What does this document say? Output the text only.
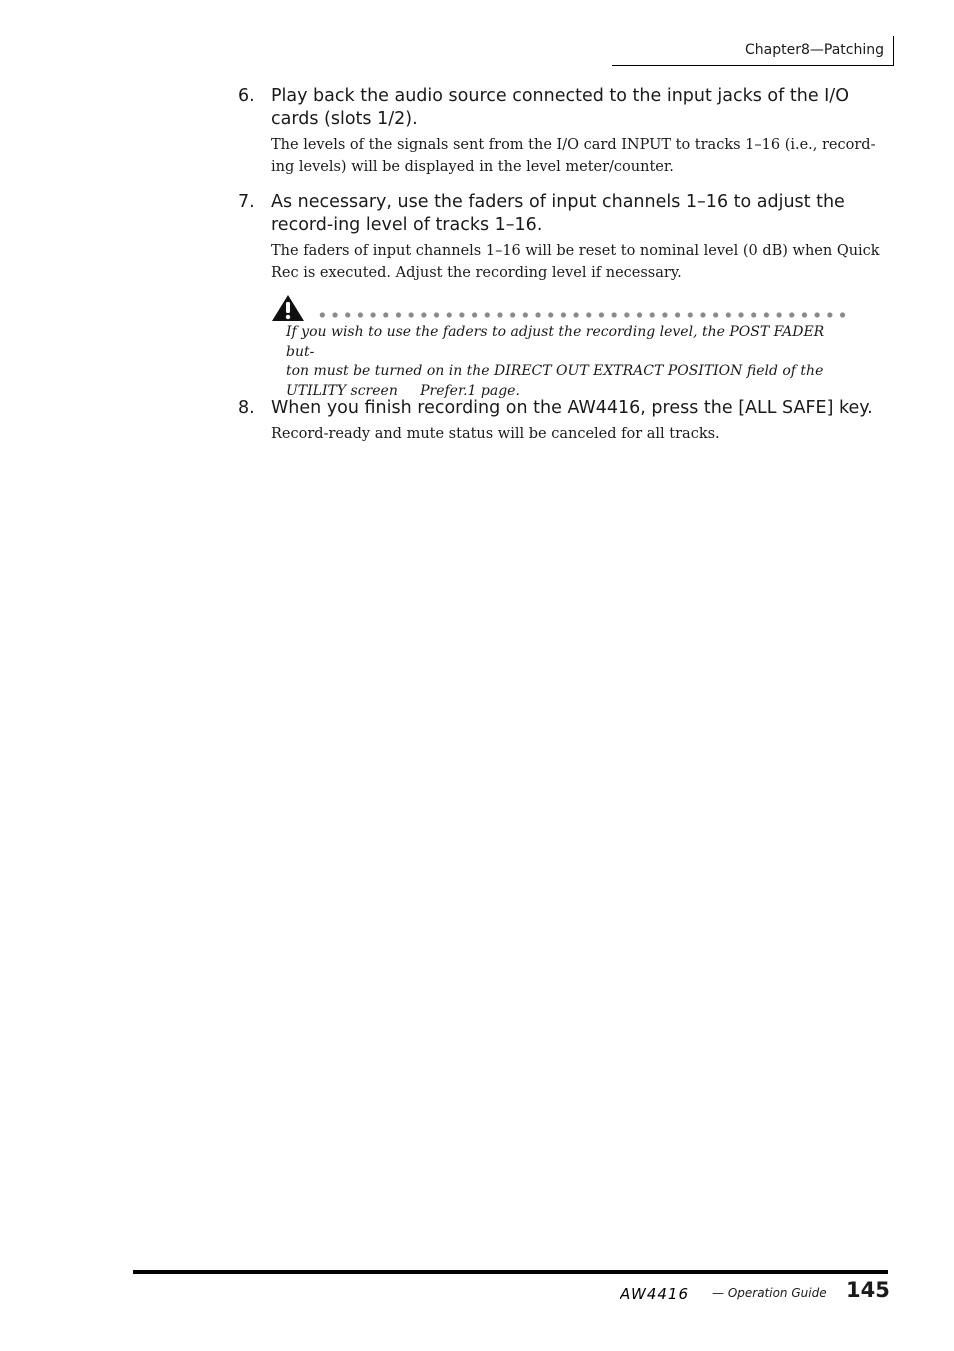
Chapter8—Patching
6. Play back the audio source connected to the input jacks of the I/O cards (slots 1/2).
The levels of the signals sent from the I/O card INPUT to tracks 1–16 (i.e., record-ing levels) will be displayed in the level meter/counter.
7. As necessary, use the faders of input channels 1–16 to adjust the record-ing level of tracks 1–16.
The faders of input channels 1–16 will be reset to nominal level (0 dB) when Quick Rec is executed. Adjust the recording level if necessary.
If you wish to use the faders to adjust the recording level, the POST FADER but-
ton must be turned on in the DIRECT OUT EXTRACT POSITION field of the
UTILITY screen     Prefer.1 page.
8. When you finish recording on the AW4416, press the [ALL SAFE] key.
Record-ready and mute status will be canceled for all tracks.
AW4416 — Operation Guide 145
